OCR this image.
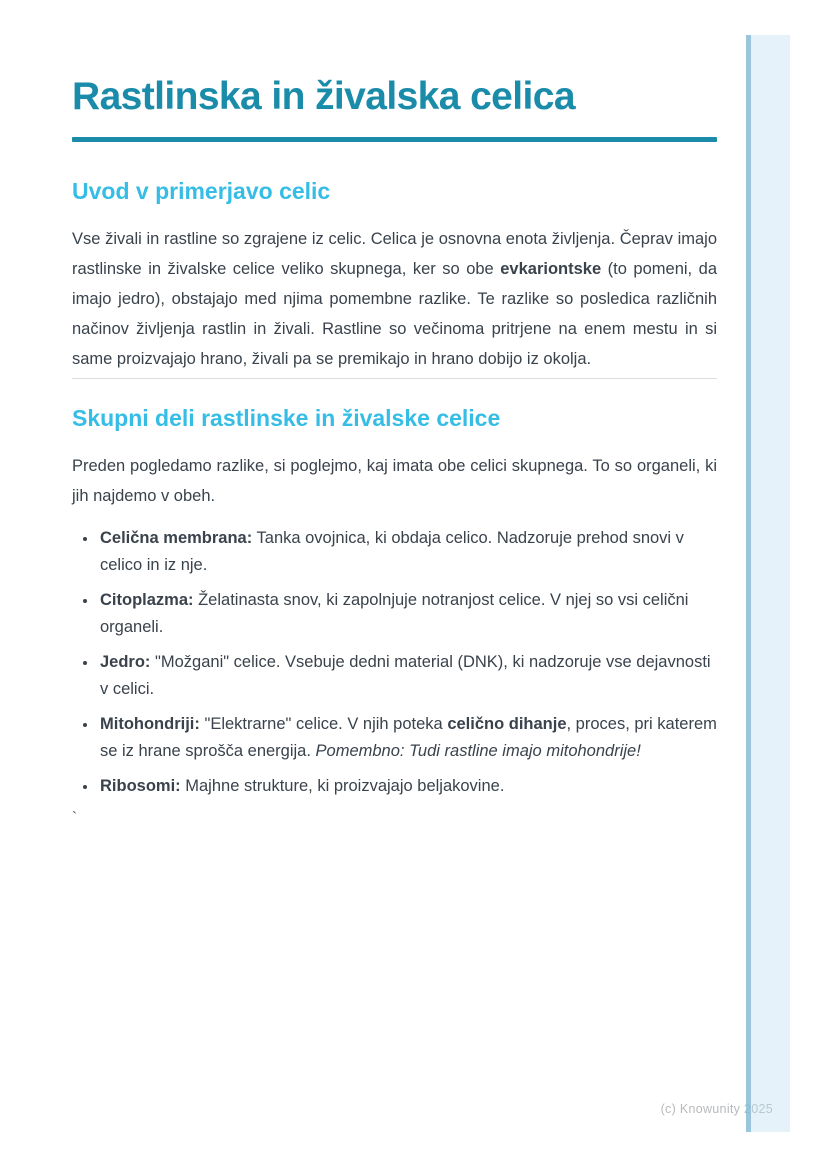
Rastlinska in živalska celica
Uvod v primerjavo celic

Vse živali in rastline so zgrajene iz celic. Celica je osnovna enota življenja. Čeprav imajo rastlinske in živalske celice veliko skupnega, ker so obe evkariontske (to pomeni, da imajo jedro), obstajajo med njima pomembne razlike. Te razlike so posledica različnih načinov življenja rastlin in živali. Rastline so večinoma pritrjene na enem mestu in si same proizvajajo hrano, živali pa se premikajo in hrano dobijo iz okolja.

Skupni deli rastlinske in živalske celice

Preden pogledamo razlike, si poglejmo, kaj imata obe celici skupnega. To so organeli, ki jih najdemo v obeh.

• Celična membrana: Tanka ovojnica, ki obdaja celico. Nadzoruje prehod snovi v celico in iz nje.
• Citoplazma: Želatinasta snov, ki zapolnjuje notranjost celice. V njej so vsi celični organeli.
• Jedro: "Možgani" celice. Vsebuje dedni material (DNK), ki nadzoruje vse dejavnosti v celici.
• Mitohondriji: "Elektrarne" celice. V njih poteka celično dihanje, proces, pri katerem se iz hrane sprošča energija. Pomembno: Tudi rastline imajo mitohondrije!
• Ribosomi: Majhne strukture, ki proizvajajo beljakovine.
`
(c) Knowunity 2025
